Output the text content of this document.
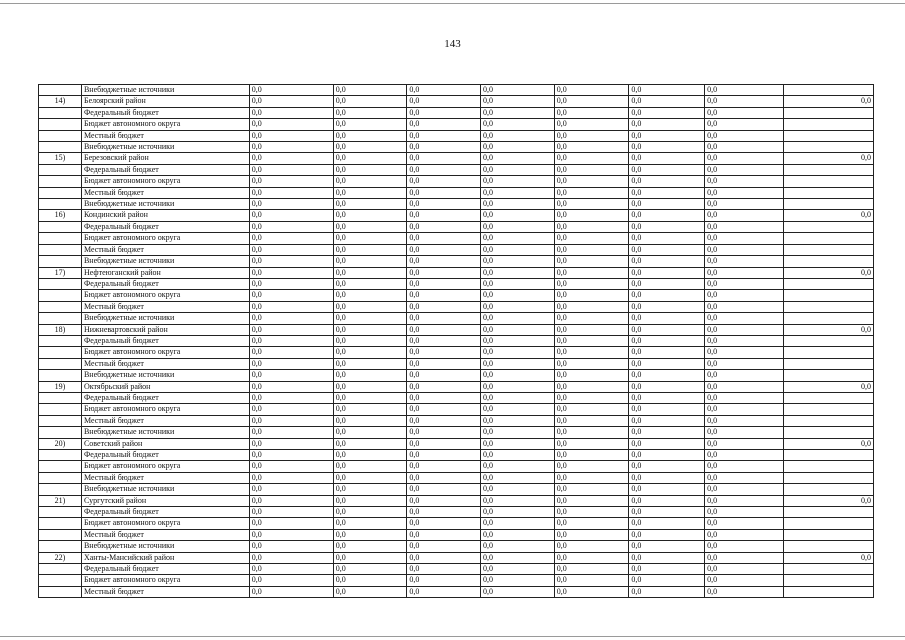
143
	Внебюджетные источники	0,0	0,0	0,0	0,0	0,0	0,0	0,0	
14)	Белоярский район	0,0	0,0	0,0	0,0	0,0	0,0	0,0	0,0
	Федеральный бюджет	0,0	0,0	0,0	0,0	0,0	0,0	0,0	
	Бюджет автономного округа	0,0	0,0	0,0	0,0	0,0	0,0	0,0	
	Местный бюджет	0,0	0,0	0,0	0,0	0,0	0,0	0,0	
	Внебюджетные источники	0,0	0,0	0,0	0,0	0,0	0,0	0,0	
15)	Березовский район	0,0	0,0	0,0	0,0	0,0	0,0	0,0	0,0
	Федеральный бюджет	0,0	0,0	0,0	0,0	0,0	0,0	0,0	
	Бюджет автономного округа	0,0	0,0	0,0	0,0	0,0	0,0	0,0	
	Местный бюджет	0,0	0,0	0,0	0,0	0,0	0,0	0,0	
	Внебюджетные источники	0,0	0,0	0,0	0,0	0,0	0,0	0,0	
16)	Кондинский район	0,0	0,0	0,0	0,0	0,0	0,0	0,0	0,0
	Федеральный бюджет	0,0	0,0	0,0	0,0	0,0	0,0	0,0	
	Бюджет автономного округа	0,0	0,0	0,0	0,0	0,0	0,0	0,0	
	Местный бюджет	0,0	0,0	0,0	0,0	0,0	0,0	0,0	
	Внебюджетные источники	0,0	0,0	0,0	0,0	0,0	0,0	0,0	
17)	Нефтеюганский район	0,0	0,0	0,0	0,0	0,0	0,0	0,0	0,0
	Федеральный бюджет	0,0	0,0	0,0	0,0	0,0	0,0	0,0	
	Бюджет автономного округа	0,0	0,0	0,0	0,0	0,0	0,0	0,0	
	Местный бюджет	0,0	0,0	0,0	0,0	0,0	0,0	0,0	
	Внебюджетные источники	0,0	0,0	0,0	0,0	0,0	0,0	0,0	
18)	Нижневартовский район	0,0	0,0	0,0	0,0	0,0	0,0	0,0	0,0
	Федеральный бюджет	0,0	0,0	0,0	0,0	0,0	0,0	0,0	
	Бюджет автономного округа	0,0	0,0	0,0	0,0	0,0	0,0	0,0	
	Местный бюджет	0,0	0,0	0,0	0,0	0,0	0,0	0,0	
	Внебюджетные источники	0,0	0,0	0,0	0,0	0,0	0,0	0,0	
19)	Октябрьский район	0,0	0,0	0,0	0,0	0,0	0,0	0,0	0,0
	Федеральный бюджет	0,0	0,0	0,0	0,0	0,0	0,0	0,0	
	Бюджет автономного округа	0,0	0,0	0,0	0,0	0,0	0,0	0,0	
	Местный бюджет	0,0	0,0	0,0	0,0	0,0	0,0	0,0	
	Внебюджетные источники	0,0	0,0	0,0	0,0	0,0	0,0	0,0	
20)	Советский район	0,0	0,0	0,0	0,0	0,0	0,0	0,0	0,0
	Федеральный бюджет	0,0	0,0	0,0	0,0	0,0	0,0	0,0	
	Бюджет автономного округа	0,0	0,0	0,0	0,0	0,0	0,0	0,0	
	Местный бюджет	0,0	0,0	0,0	0,0	0,0	0,0	0,0	
	Внебюджетные источники	0,0	0,0	0,0	0,0	0,0	0,0	0,0	
21)	Сургутский район	0,0	0,0	0,0	0,0	0,0	0,0	0,0	0,0
	Федеральный бюджет	0,0	0,0	0,0	0,0	0,0	0,0	0,0	
	Бюджет автономного округа	0,0	0,0	0,0	0,0	0,0	0,0	0,0	
	Местный бюджет	0,0	0,0	0,0	0,0	0,0	0,0	0,0	
	Внебюджетные источники	0,0	0,0	0,0	0,0	0,0	0,0	0,0	
22)	Ханты-Мансийский район	0,0	0,0	0,0	0,0	0,0	0,0	0,0	0,0
	Федеральный бюджет	0,0	0,0	0,0	0,0	0,0	0,0	0,0	
	Бюджет автономного округа	0,0	0,0	0,0	0,0	0,0	0,0	0,0	
	Местный бюджет	0,0	0,0	0,0	0,0	0,0	0,0	0,0	
